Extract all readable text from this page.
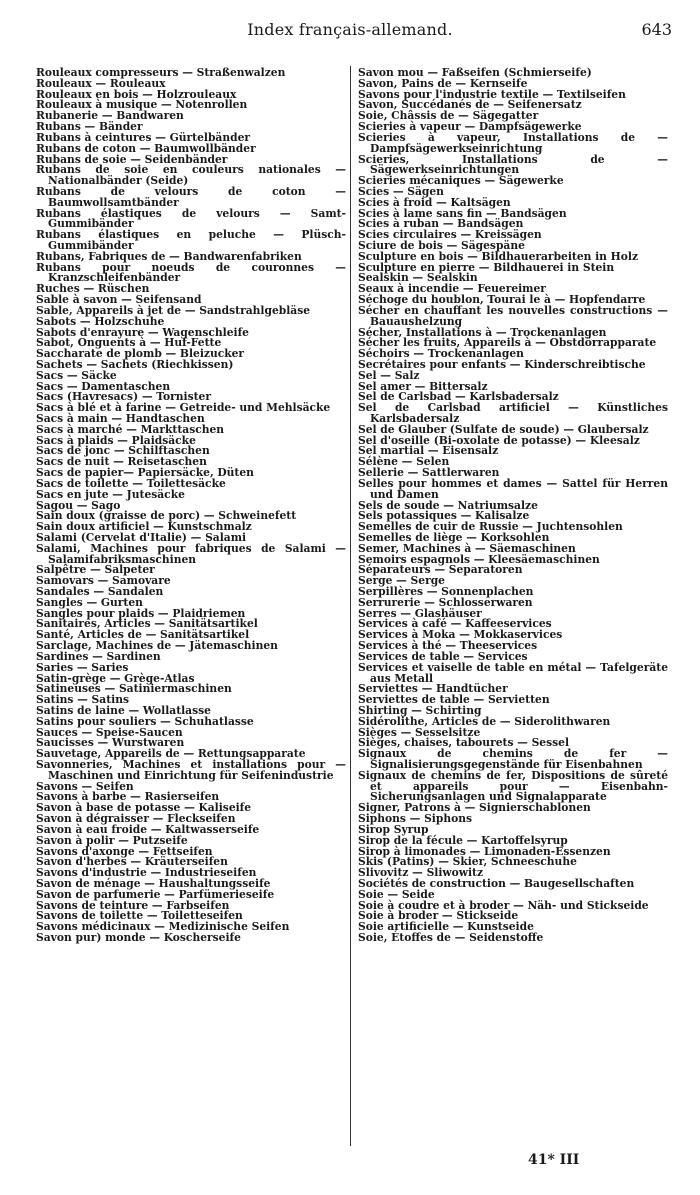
Index français-allemand.	643
Rouleaux compresseurs — Straßenwalzen
Rouleaux — Rouleaux
Rouleaux en bois — Holzrouleaux
Rouleaux à musique — Notenrollen
Rubanerie — Bandwaren
Rubans — Bänder
Rubans à ceintures — Gürtelbänder
Rubans de coton — Baumwollbänder
Rubans de soie — Seidenbänder
Rubans de soie en couleurs nationales — Nationalbänder (Seide)
Rubans de velours de coton — Baumwollsamtbänder
Rubans élastiques de velours — Samt-Gummibänder
Rubans élastiques en peluche — Plüsch-Gummibänder
Rubans, Fabriques de — Bandwarenfabriken
Rubans pour noeuds de couronnes — Kranzschleifenbänder
Ruches — Rüschen
Sable à savon — Seifensand
Sable, Appareils à jet de — Sandstrahlgebläse
Sabots — Holzschuhe
Sabots d'enrayure — Wagenschleife
Sabot, Onguents à — Huf-Fette
Saccharate de plomb — Bleizucker
Sachets — Sachets (Riechkissen)
Sacs — Säcke
Sacs — Damentaschen
Sacs (Havresacs) — Tornister
Sacs à blé et à farine — Getreide- und Mehlsäcke
Sacs à main — Handtaschen
Sacs à marché — Markttaschen
Sacs à plaids — Plaidsäcke
Sacs de jonc — Schilftaschen
Sacs de nuit — Reisetaschen
Sacs de papier— Papiersäcke, Düten
Sacs de toilette — Toilettesäcke
Sacs en jute — Jutesäcke
Sagou — Sago
Sain doux (graisse de porc) — Schweinefett
Sain doux artificiel — Kunstschmalz
Salami (Cervelat d'Italie) — Salami
Salami, Machines pour fabriques de Salami — Salamifabriksmaschinen
Salpêtre — Salpeter
Samovars — Samovare
Sandales — Sandalen
Sangles — Gurten
Sangles pour plaids — Plaidriemen
Sanitaires, Articles — Sanitätsartikel
Santé, Articles de — Sanitätsartikel
Sarclage, Machines de — Jätemaschinen
Sardines — Sardinen
Saries — Saries
Satin-grège — Grège-Atlas
Satineuses — Satiniermaschinen
Satins — Satins
Satins de laine — Wollatlasse
Satins pour souliers — Schuhatlasse
Sauces — Speise-Saucen
Saucisses — Wurstwaren
Sauvetage, Appareils de — Rettungsapparate
Savonneries, Machines et installations pour — Maschinen und Einrichtung für Seifenindustrie
Savons — Seifen
Savons à barbe — Rasierseifen
Savon à base de potasse — Kaliseife
Savon à dégraisser — Fleckseifen
Savon à eau froide — Kaltwasserseife
Savon à polir — Putzseife
Savons d'axonge — Fettseifen
Savon d'herbes — Kräuterseifen
Savons d'industrie — Industrieseifen
Savon de ménage — Haushaltungsseife
Savon de parfumerie — Parfümerieseife
Savons de teinture — Farbseifen
Savons de toilette — Toiletteseifen
Savons médicinaux — Medizinische Seifen
Savon pur) monde — Koscherseife
Savon mou — Faßseifen (Schmierseife)
Savon, Pains de — Kernseife
Savons pour l'industrie textile — Textilseifen
Savon, Succédanés de — Seifenersatz
Soie, Châssis de — Sägegatter
Scieries à vapeur — Dampfsägewerke
Scieries à vapeur, Installations de — Dampfsägewerkseinrichtung
Scieries, Installations de — Sägewerkseinrichtungen
Scieries mécaniques — Sägewerke
Scies — Sägen
Scies à froid — Kaltsägen
Scies à lame sans fin — Bandsägen
Scies à ruban — Bandsägen
Scies circulaires — Kreissägen
Sciure de bois — Sägespäne
Sculpture en bois — Bildhauerarbeiten in Holz
Sculpture en pierre — Bildhauerei in Stein
Sealskin — Sealskin
Seaux à incendie — Feuereimer
Séchoge du houblon, Tourai le à — Hopfendarre
Sécher en chauffant les nouvelles constructions — Bauaushelzung
Sécher, Installations à — Trockenanlagen
Sécher les fruits, Appareils à — Obstdörrapparate
Séchoirs — Trockenanlagen
Secrétaires pour enfants — Kinderschreibtische
Sel — Salz
Sel amer — Bittersalz
Sel de Carlsbad — Karlsbadersalz
Sel de Carlsbad artificiel — Künstliches Karlsbadersalz
Sel de Glauber (Sulfate de soude) — Glaubersalz
Sel d'oseille (Bi-oxolate de potasse) — Kleesalz
Sel martial — Eisensalz
Sélène — Selen
Sellerie — Sattlerwaren
Selles pour hommes et dames — Sattel für Herren und Damen
Sels de soude — Natriumsalze
Sels potassiques — Kalisalze
Semelles de cuir de Russie — Juchtensohlen
Semelles de liège — Korksohlen
Semer, Machines à — Säemaschinen
Semoirs espagnols — Kleesäemaschinen
Séparateurs — Separatoren
Serge — Serge
Serpillères — Sonnenplachen
Serrurerie — Schlosserwaren
Serres — Glashäuser
Services à café — Kaffeeservices
Services à Moka — Mokkaservices
Services à thé — Theeservices
Services de table — Services
Services et vaiselle de table en métal — Tafelgeräte aus Metall
Serviettes — Handtücher
Serviettes de table — Servietten
Shirting — Schirting
Sidérolithe, Articles de — Siderolithwaren
Sièges — Sesselsitze
Sièges, chaises, tabourets — Sessel
Signaux de chemins de fer — Signalisierungsgegenstände für Eisenbahnen
Signaux de chemins de fer, Dispositions de sûreté et appareils pour — Eisenbahn-Sicherungsanlagen und Signalapparate
Signer, Patrons à — Signierschablonen
Siphons — Siphons
Sirop Syrup
Sirop de la fécule — Kartoffelsyrup
Sirop à limonades — Limonaden-Essenzen
Skis (Patins) — Skier, Schneeschuhe
Slivovitz — Sliwowitz
Sociétés de construction — Baugesellschaften
Soie — Seide
Soie à coudre et à broder — Näh- und Stickseide
Soie à broder — Stickseide
Soie artificielle — Kunstseide
Soie, Étoffes de — Seidenstoffe
41* III
